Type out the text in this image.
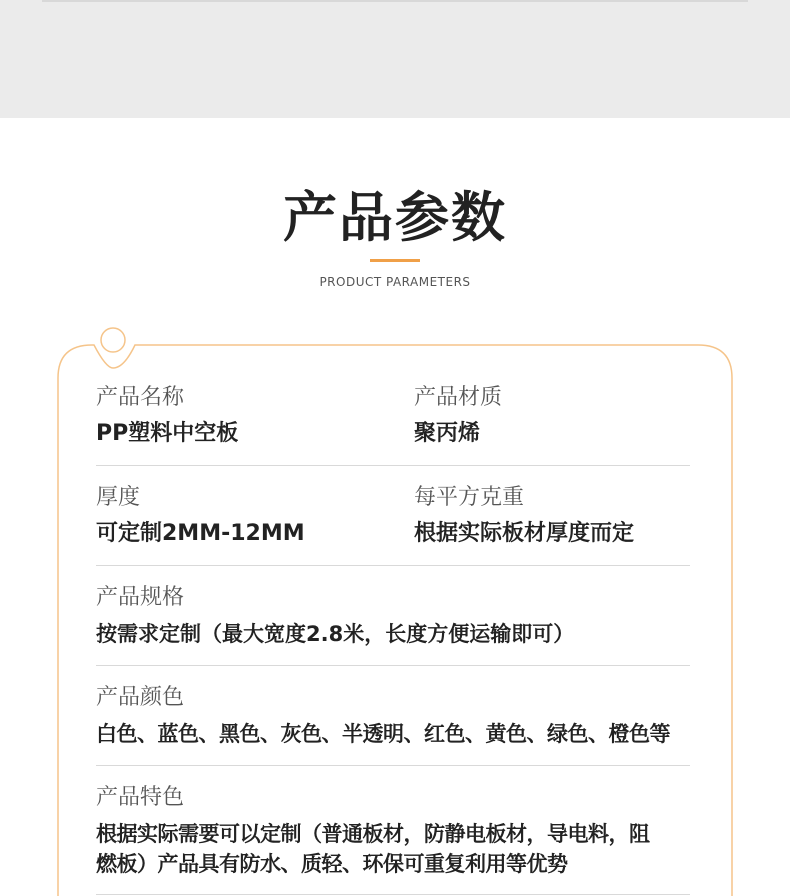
产品参数
PRODUCT PARAMETERS
产品名称
PP塑料中空板
产品材质
聚丙烯
厚度
可定制2MM-12MM
每平方克重
根据实际板材厚度而定
产品规格
按需求定制（最大宽度2.8米，长度方便运输即可）
产品颜色
白色、蓝色、黑色、灰色、半透明、红色、黄色、绿色、橙色等
产品特色
根据实际需要可以定制（普通板材，防静电板材，导电料，阻
燃板）产品具有防水、质轻、环保可重复利用等优势
